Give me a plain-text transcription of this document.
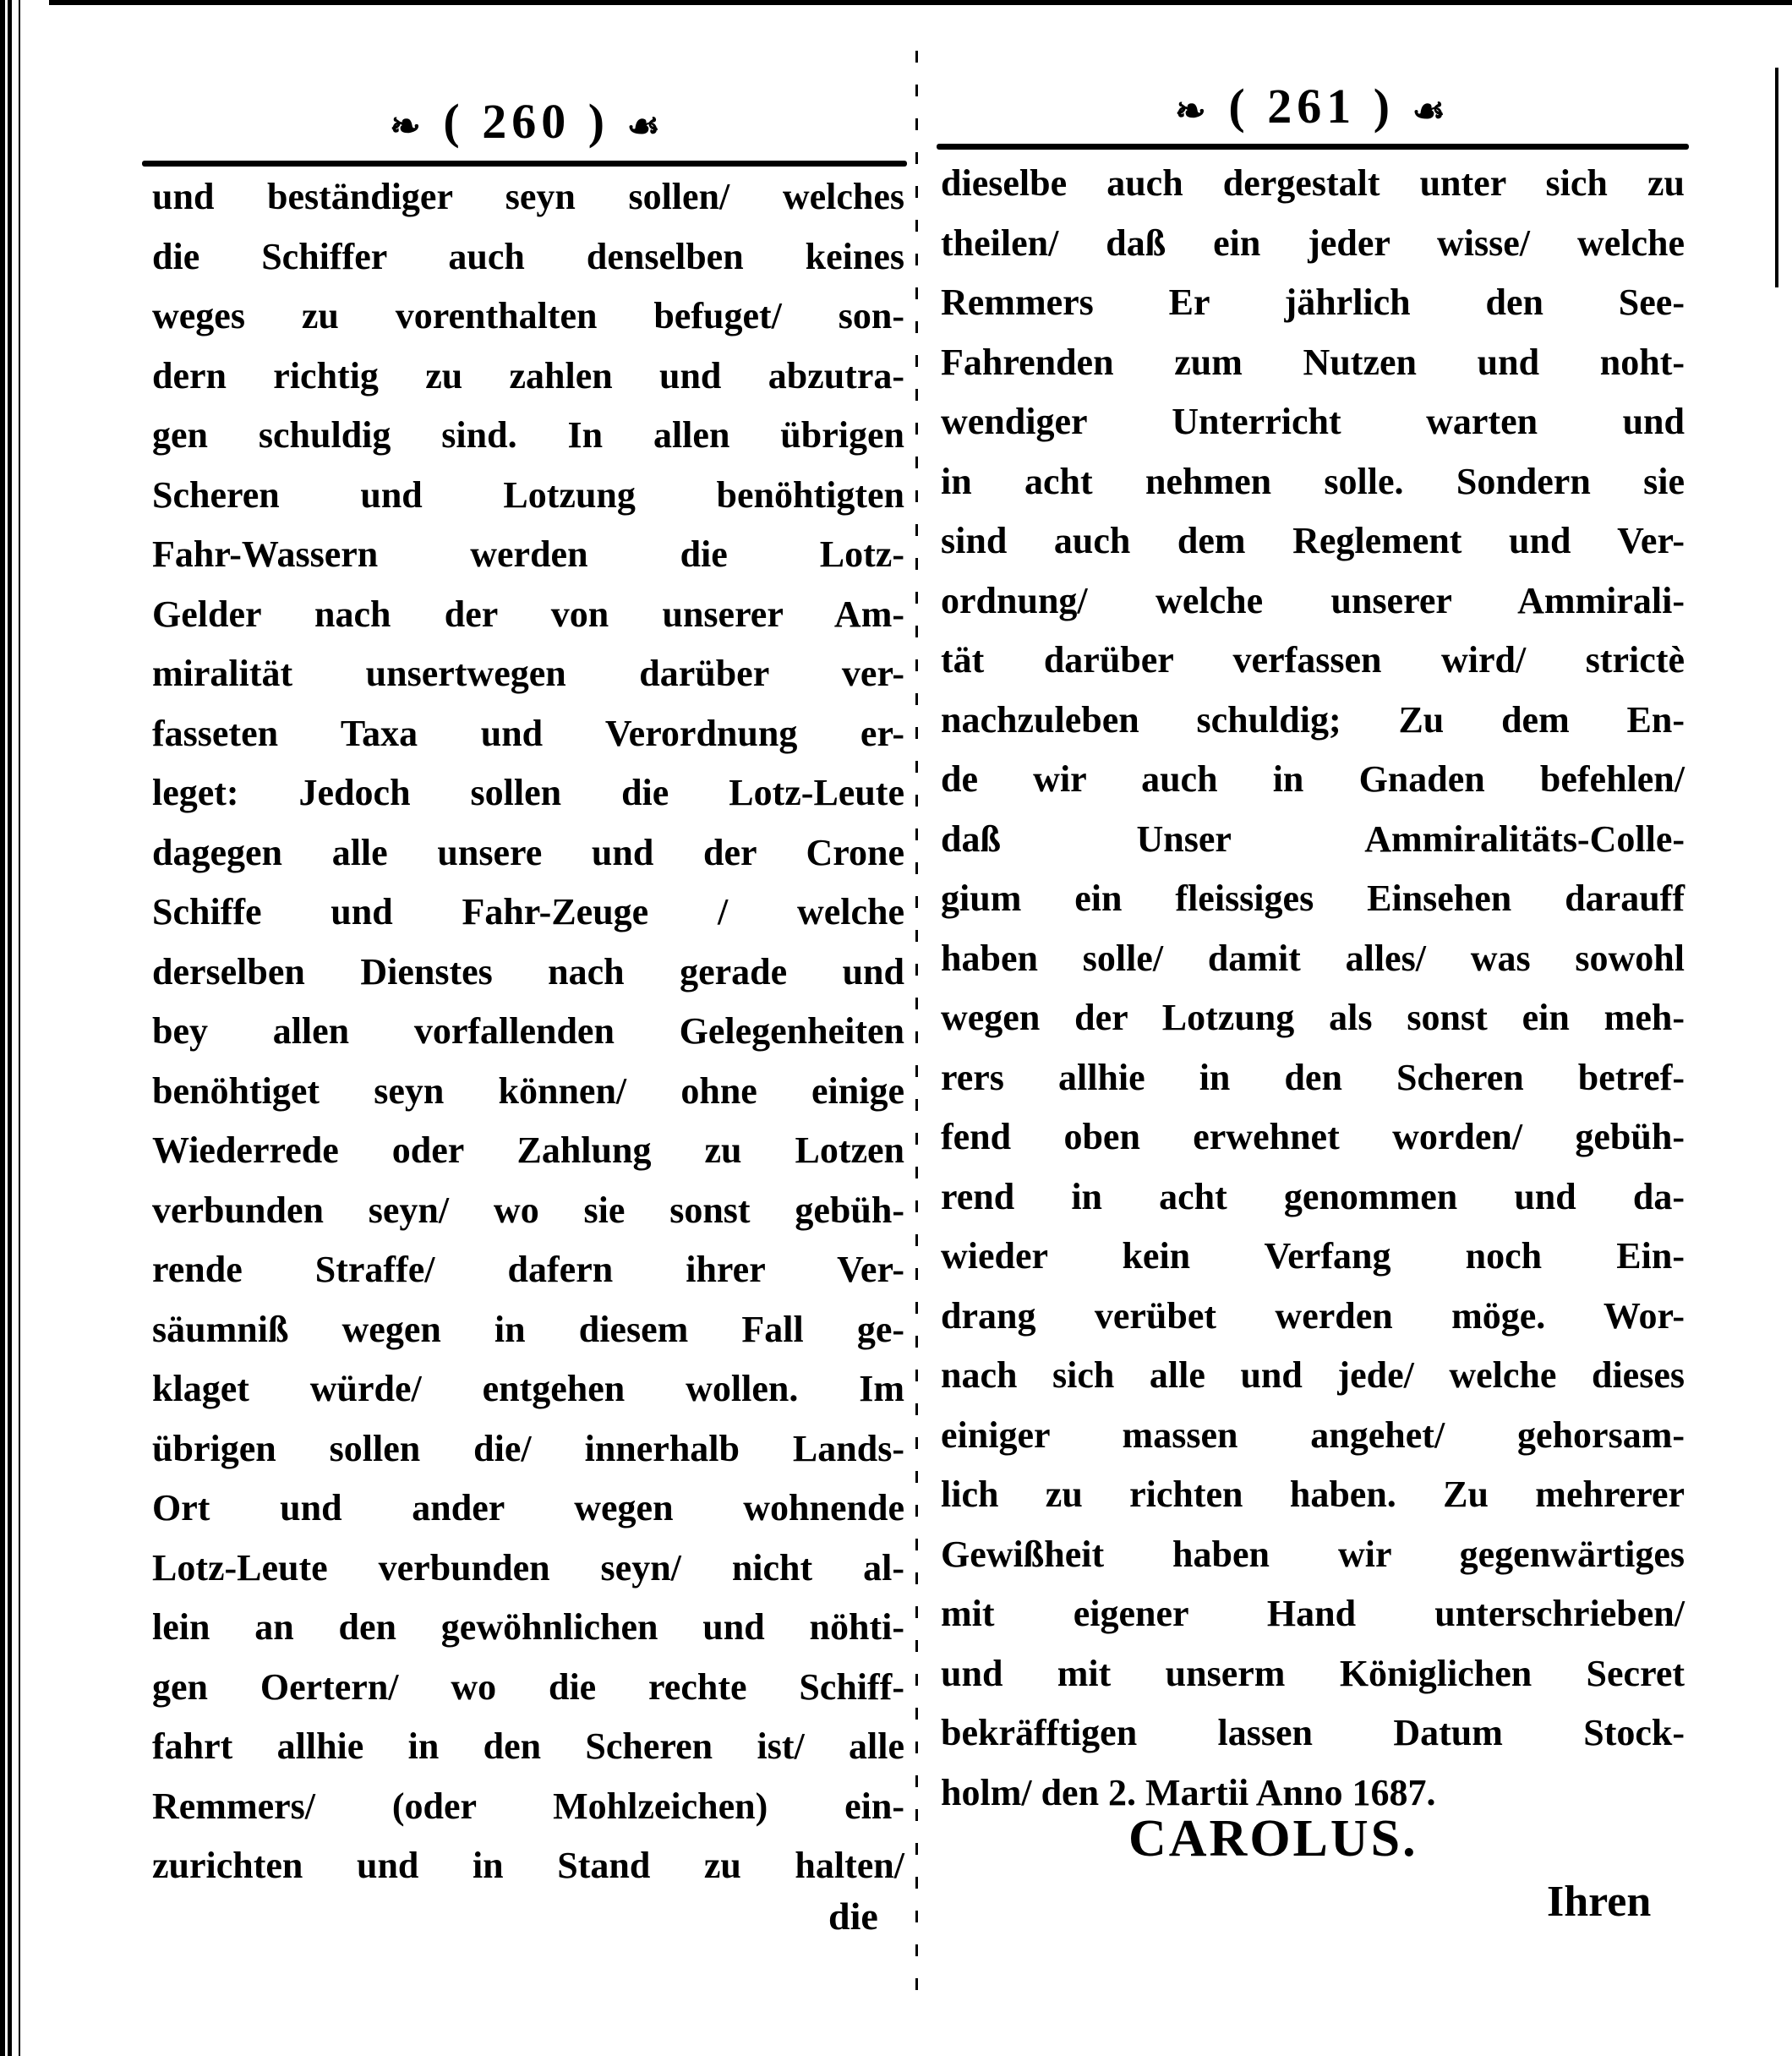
❧ ( 260 ) ☙
und beständiger seyn sollen/ welches
die Schiffer auch denselben keines
weges zu vorenthalten befuget/ son-
dern richtig zu zahlen und abzutra-
gen schuldig sind. In allen übrigen
Scheren und Lotzung benöhtigten
Fahr-Wassern werden die Lotz-
Gelder nach der von unserer Am-
miralität unsertwegen darüber ver-
fasseten Taxa und Verordnung er-
leget: Jedoch sollen die Lotz-Leute
dagegen alle unsere und der Crone
Schiffe und Fahr-Zeuge / welche
derselben Dienstes nach gerade und
bey allen vorfallenden Gelegenheiten
benöhtiget seyn können/ ohne einige
Wiederrede oder Zahlung zu Lotzen
verbunden seyn/ wo sie sonst gebüh-
rende Straffe/ dafern ihrer Ver-
säumniß wegen in diesem Fall ge-
klaget würde/ entgehen wollen. Im
übrigen sollen die/ innerhalb Lands-
Ort und ander wegen wohnende
Lotz-Leute verbunden seyn/ nicht al-
lein an den gewöhnlichen und nöhti-
gen Oertern/ wo die rechte Schiff-
fahrt allhie in den Scheren ist/ alle
Remmers/ (oder Mohlzeichen) ein-
zurichten und in Stand zu halten/
die
❧ ( 261 ) ☙
dieselbe auch dergestalt unter sich zu
theilen/ daß ein jeder wisse/ welche
Remmers Er jährlich den See-
Fahrenden zum Nutzen und noht-
wendiger Unterricht warten und
in acht nehmen solle. Sondern sie
sind auch dem Reglement und Ver-
ordnung/ welche unserer Ammirali-
tät darüber verfassen wird/ strictè
nachzuleben schuldig; Zu dem En-
de wir auch in Gnaden befehlen/
daß Unser Ammiralitäts-Colle-
gium ein fleissiges Einsehen darauff
haben solle/ damit alles/ was sowohl
wegen der Lotzung als sonst ein meh-
rers allhie in den Scheren betref-
fend oben erwehnet worden/ gebüh-
rend in acht genommen und da-
wieder kein Verfang noch Ein-
drang verübet werden möge. Wor-
nach sich alle und jede/ welche dieses
einiger massen angehet/ gehorsam-
lich zu richten haben. Zu mehrerer
Gewißheit haben wir gegenwärtiges
mit eigener Hand unterschrieben/
und mit unserm Königlichen Secret
bekräfftigen lassen Datum Stock-
holm/ den 2. Martii Anno 1687.
CAROLUS.
Ihren
